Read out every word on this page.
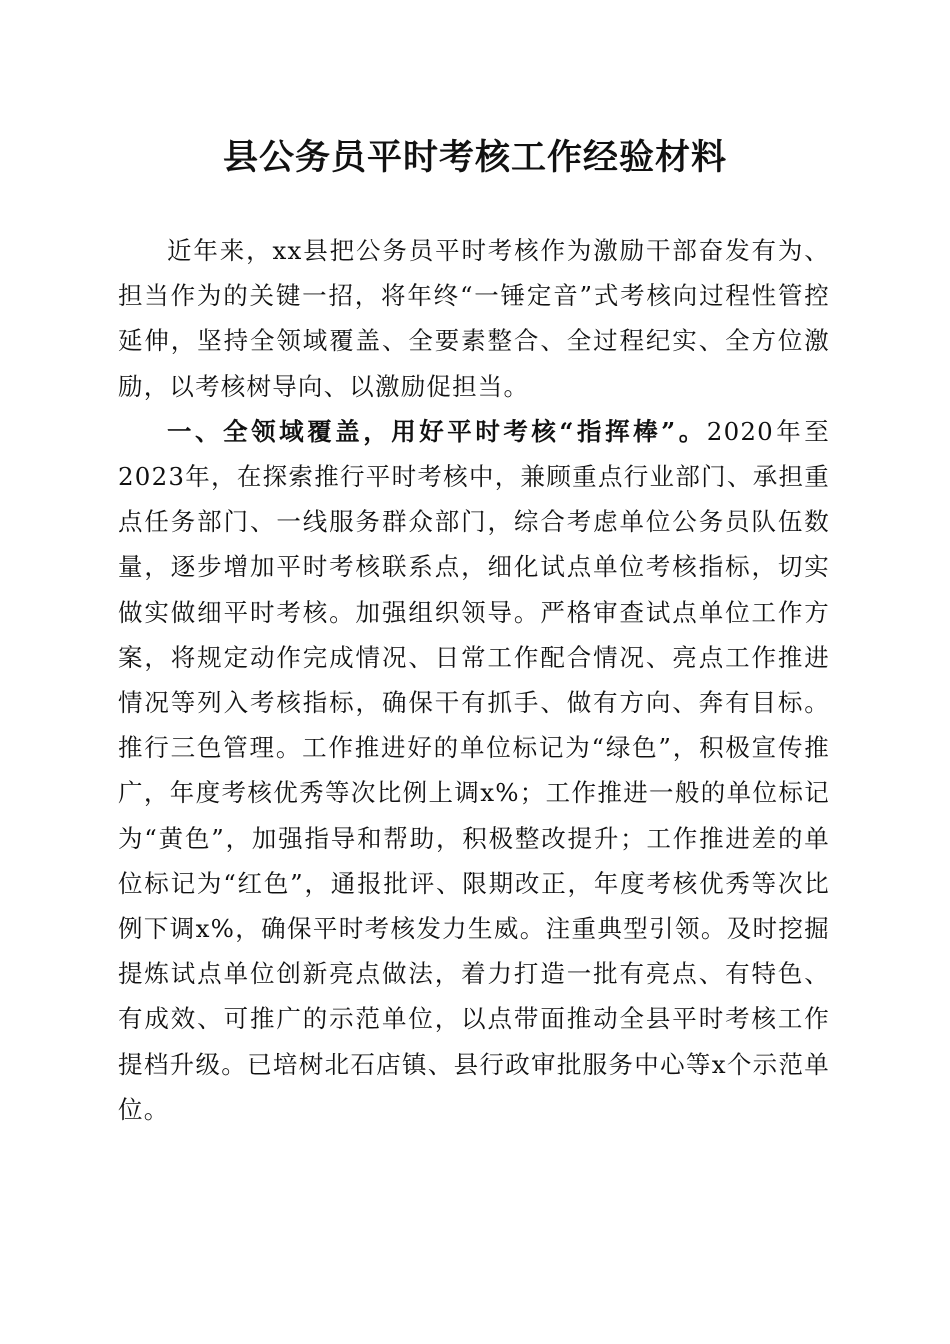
县公务员平时考核工作经验材料

近年来，xx县把公务员平时考核作为激励干部奋发有为、担当作为的关键一招，将年终“一锤定音”式考核向过程性管控延伸，坚持全领域覆盖、全要素整合、全过程纪实、全方位激励，以考核树导向、以激励促担当。

一、全领域覆盖，用好平时考核“指挥棒”。2020年至2023年，在探索推行平时考核中，兼顾重点行业部门、承担重点任务部门、一线服务群众部门，综合考虑单位公务员队伍数量，逐步增加平时考核联系点，细化试点单位考核指标，切实做实做细平时考核。加强组织领导。严格审查试点单位工作方案，将规定动作完成情况、日常工作配合情况、亮点工作推进情况等列入考核指标，确保干有抓手、做有方向、奔有目标。推行三色管理。工作推进好的单位标记为“绿色”，积极宣传推广，年度考核优秀等次比例上调x%；工作推进一般的单位标记为“黄色”，加强指导和帮助，积极整改提升；工作推进差的单位标记为“红色”，通报批评、限期改正，年度考核优秀等次比例下调x%，确保平时考核发力生威。注重典型引领。及时挖掘提炼试点单位创新亮点做法，着力打造一批有亮点、有特色、有成效、可推广的示范单位，以点带面推动全县平时考核工作提档升级。已培树北石店镇、县行政审批服务中心等x个示范单位。
